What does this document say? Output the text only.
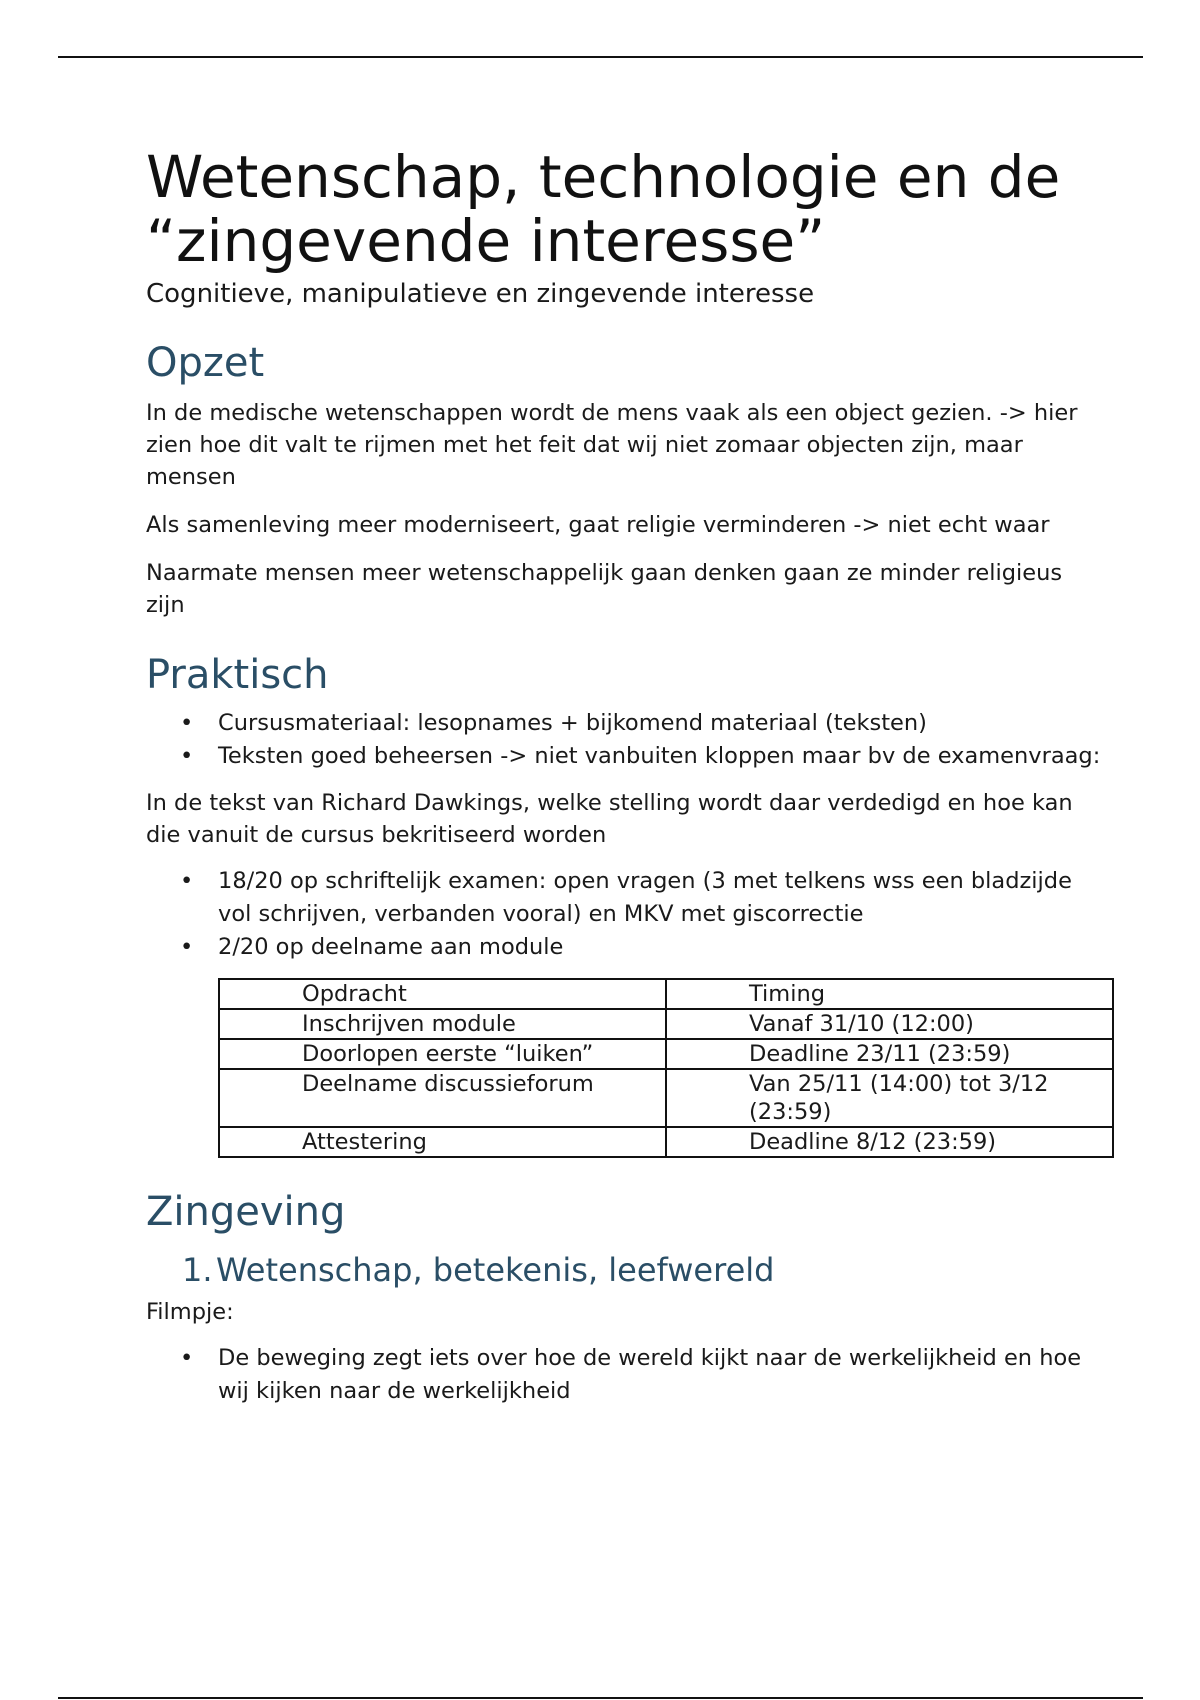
Wetenschap, technologie en de “zingevende interesse”

Cognitieve, manipulatieve en zingevende interesse

Opzet

In de medische wetenschappen wordt de mens vaak als een object gezien. -> hier zien hoe dit valt te rijmen met het feit dat wij niet zomaar objecten zijn, maar mensen

Als samenleving meer moderniseert, gaat religie verminderen -> niet echt waar

Naarmate mensen meer wetenschappelijk gaan denken gaan ze minder religieus zijn

Praktisch
• Cursusmateriaal: lesopnames + bijkomend materiaal (teksten)
• Teksten goed beheersen -> niet vanbuiten kloppen maar bv de examenvraag:

In de tekst van Richard Dawkings, welke stelling wordt daar verdedigd en hoe kan die vanuit de cursus bekritiseerd worden

• 18/20 op schriftelijk examen: open vragen (3 met telkens wss een bladzijde vol schrijven, verbanden vooral) en MKV met giscorrectie
• 2/20 op deelname aan module
Opdracht	Timing
Inschrijven module	Vanaf 31/10 (12:00)
Doorlopen eerste “luiken”	Deadline 23/11 (23:59)
Deelname discussieforum	Van 25/11 (14:00) tot 3/12 (23:59)
Attestering	Deadline 8/12 (23:59)
Zingeving
1. Wetenschap, betekenis, leefwereld

Filmpje:

• De beweging zegt iets over hoe de wereld kijkt naar de werkelijkheid en hoe wij kijken naar de werkelijkheid
